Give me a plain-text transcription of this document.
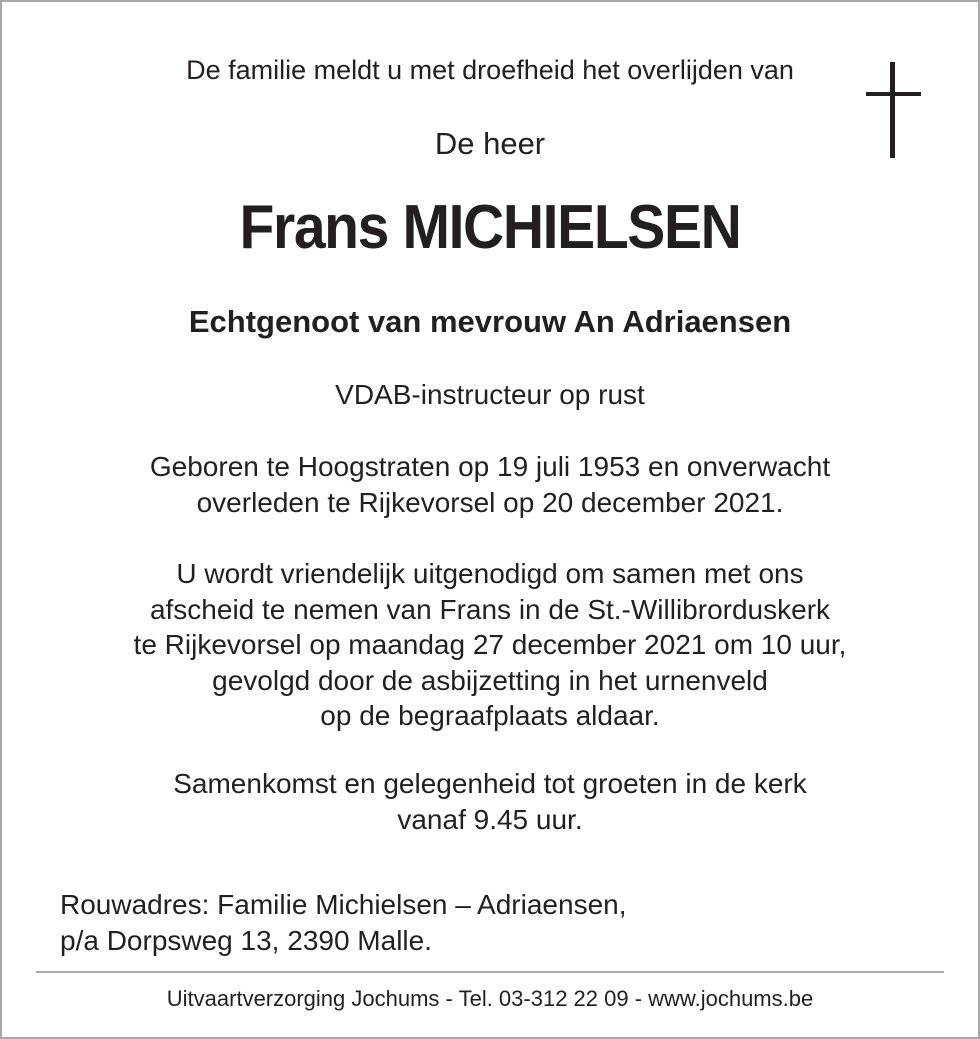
De familie meldt u met droefheid het overlijden van
De heer
Frans MICHIELSEN
Echtgenoot van mevrouw An Adriaensen
VDAB-instructeur op rust
Geboren te Hoogstraten op 19 juli 1953 en onverwacht
overleden te Rijkevorsel op 20 december 2021.
U wordt vriendelijk uitgenodigd om samen met ons
afscheid te nemen van Frans in de St.-Willibrorduskerk
te Rijkevorsel op maandag 27 december 2021 om 10 uur,
gevolgd door de asbijzetting in het urnenveld
op de begraafplaats aldaar.
Samenkomst en gelegenheid tot groeten in de kerk
vanaf 9.45 uur.
Rouwadres: Familie Michielsen – Adriaensen,
p/a Dorpsweg 13, 2390 Malle.
Uitvaartverzorging Jochums - Tel. 03-312 22 09 - www.jochums.be
